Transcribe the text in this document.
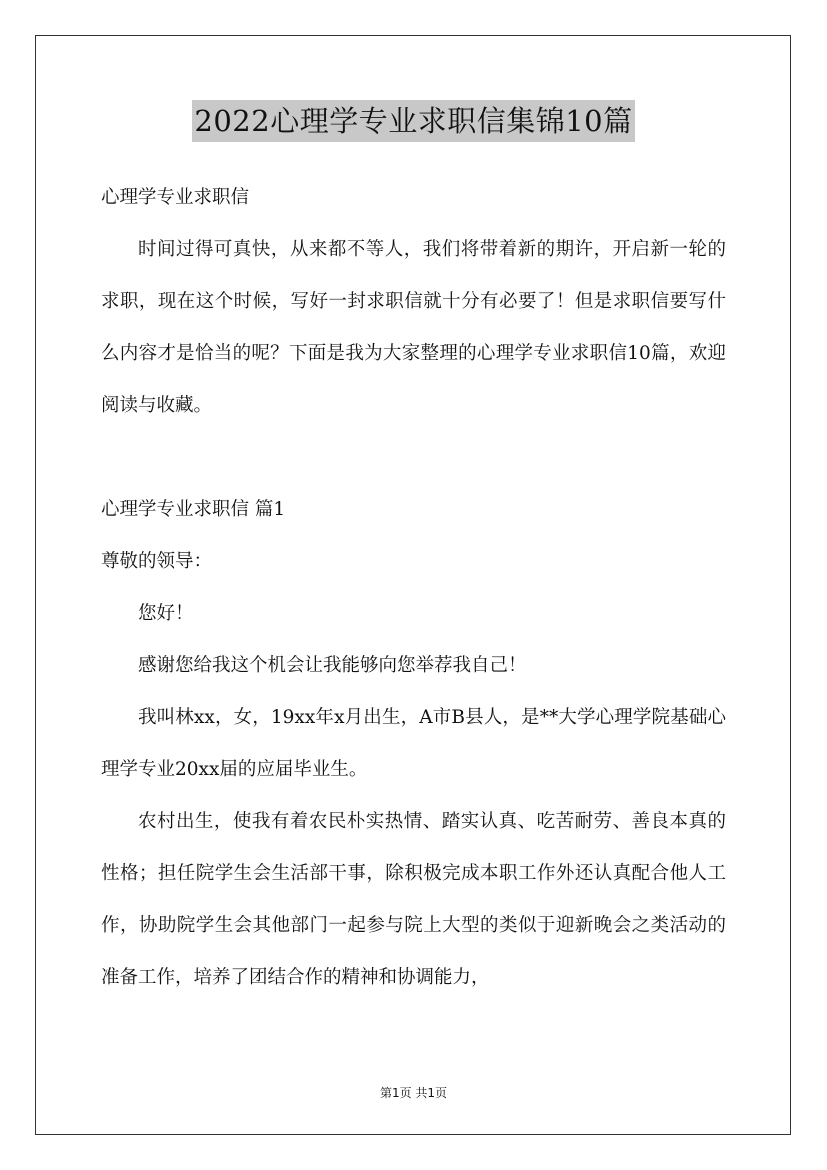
2022心理学专业求职信集锦10篇

心理学专业求职信

时间过得可真快，从来都不等人，我们将带着新的期许，开启新一轮的求职，现在这个时候，写好一封求职信就十分有必要了！但是求职信要写什么内容才是恰当的呢？下面是我为大家整理的心理学专业求职信10篇，欢迎阅读与收藏。

心理学专业求职信 篇1

尊敬的领导：

您好！

感谢您给我这个机会让我能够向您举荐我自己！

我叫林xx，女，19xx年x月出生，A市B县人，是**大学心理学院基础心理学专业20xx届的应届毕业生。

农村出生，使我有着农民朴实热情、踏实认真、吃苦耐劳、善良本真的性格；担任院学生会生活部干事，除积极完成本职工作外还认真配合他人工作，协助院学生会其他部门一起参与院上大型的类似于迎新晚会之类活动的准备工作，培养了团结合作的精神和协调能力，

第1页 共1页
